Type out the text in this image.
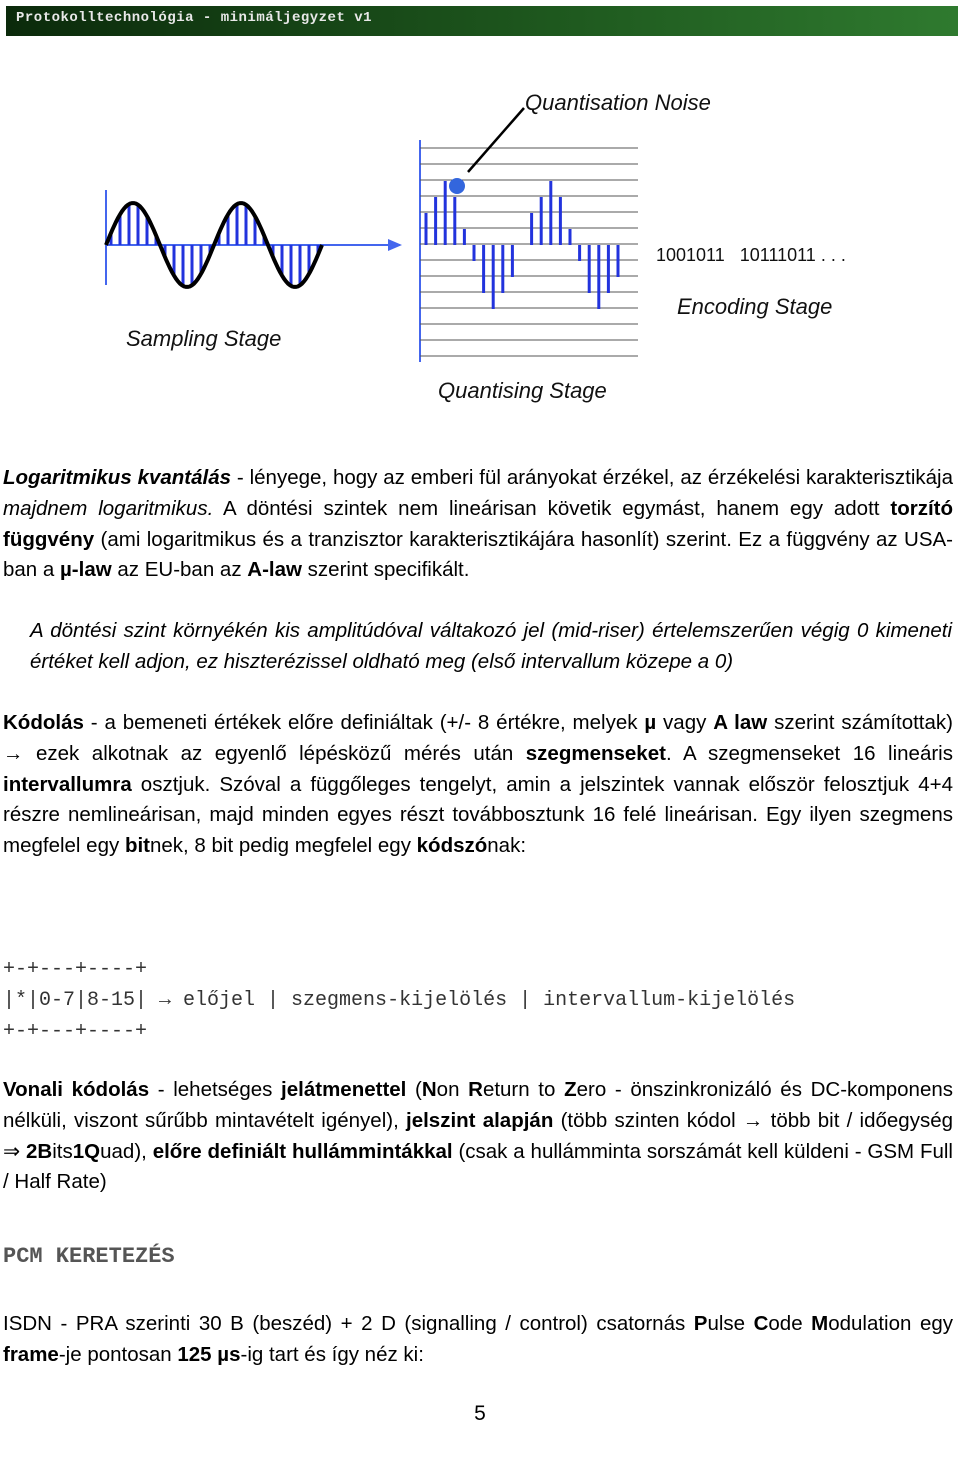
Protokolltechnológia - minimáljegyzet v1
Quantisation Noise
Sampling Stage
Quantising Stage
Encoding Stage
1001011   10111011 . . .
Logaritmikus kvantálás - lényege, hogy az emberi fül arányokat érzékel, az érzékelési karakterisztikája majdnem logaritmikus. A döntési szintek nem lineárisan követik egymást, hanem egy adott torzító függvény (ami logaritmikus és a tranzisztor karakterisztikájára hasonlít) szerint. Ez a függvény az USA-ban a µ-law az EU-ban az A-law szerint specifikált.
A döntési szint környékén kis amplitúdóval váltakozó jel (mid-riser) értelemszerűen végig 0 kimeneti értéket kell adjon, ez hiszterézissel oldható meg (első intervallum közepe a 0)
Kódolás - a bemeneti értékek előre definiáltak (+/- 8 értékre, melyek µ vagy A law szerint számítottak) → ezek alkotnak az egyenlő lépésközű mérés után szegmenseket. A szegmenseket 16 lineáris intervallumra osztjuk. Szóval a függőleges tengelyt, amin a jelszintek vannak először felosztjuk 4+4 részre nemlineárisan, majd minden egyes részt továbbosztunk 16 felé lineárisan. Egy ilyen szegmens megfelel egy bitnek, 8 bit pedig megfelel egy kódszónak:
+-+---+----+
|*|0-7|8-15| → előjel | szegmens-kijelölés | intervallum-kijelölés
+-+---+----+
Vonali kódolás - lehetséges jelátmenettel (Non Return to Zero - önszinkronizáló és DC-komponens nélküli, viszont sűrűbb mintavételt igényel), jelszint alapján (több szinten kódol → több bit / időegység ⇒ 2Bits1Quad), előre definiált hullámmintákkal (csak a hullámminta sorszámát kell küldeni - GSM Full / Half Rate)
PCM KERETEZÉS
ISDN - PRA szerinti 30 B (beszéd) + 2 D (signalling / control) csatornás Pulse Code Modulation egy frame-je pontosan 125 µs-ig tart és így néz ki:
5
